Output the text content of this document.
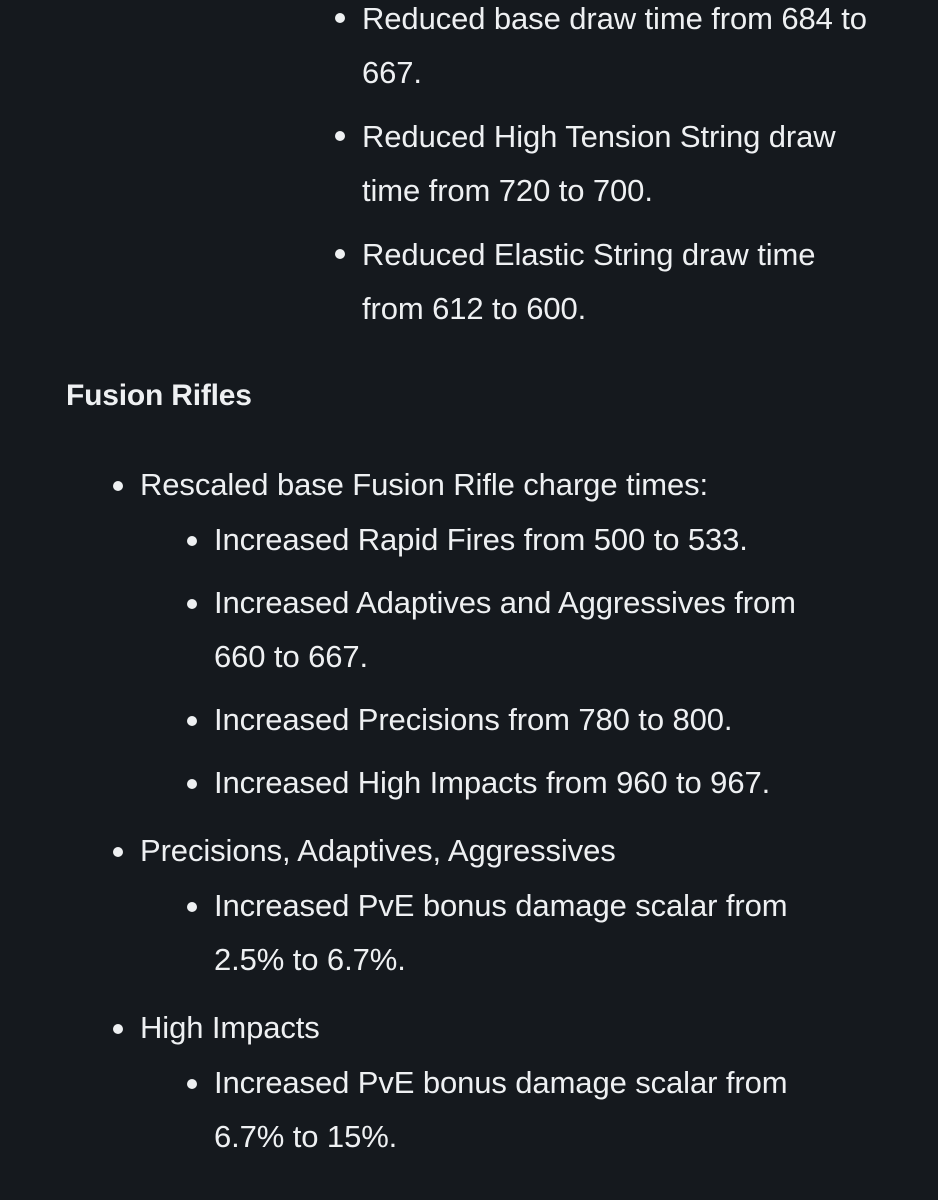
Reduced base draw time from 684 to 667.
Reduced High Tension String draw time from 720 to 700.
Reduced Elastic String draw time from 612 to 600.
Fusion Rifles
Rescaled base Fusion Rifle charge times:
Increased Rapid Fires from 500 to 533.
Increased Adaptives and Aggressives from 660 to 667.
Increased Precisions from 780 to 800.
Increased High Impacts from 960 to 967.
Precisions, Adaptives, Aggressives
Increased PvE bonus damage scalar from 2.5% to 6.7%.
High Impacts
Increased PvE bonus damage scalar from 6.7% to 15%.
